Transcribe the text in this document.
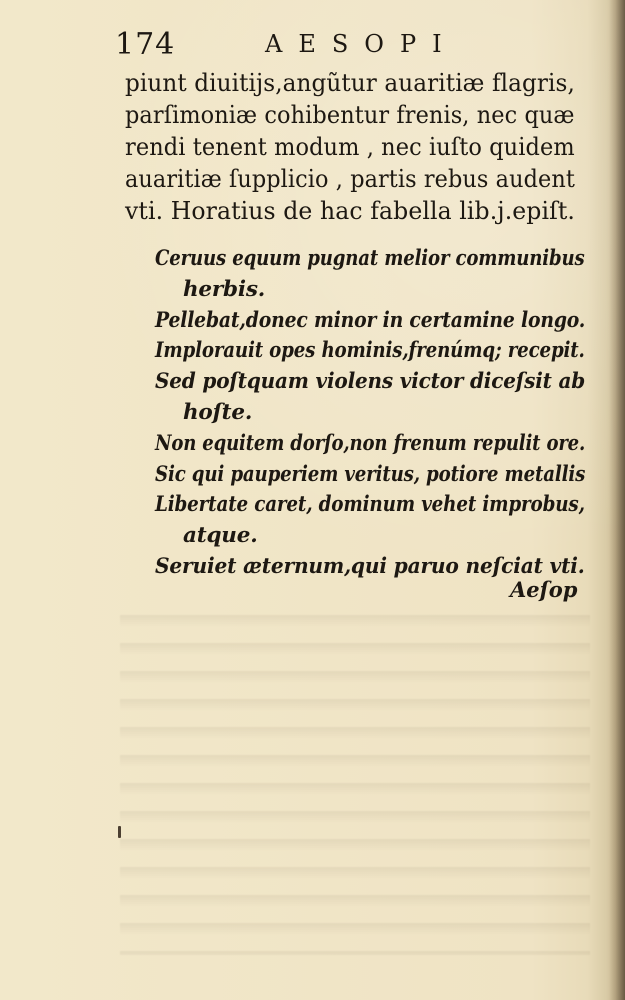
174	AESOPI
piunt diuitijs,angũtur auaritiæ flagris,
parſimoniæ cohibentur frenis, nec quæ
rendi tenent modum , nec iuſto quidem
auaritiæ ſupplicio , partis rebus audent
vti. Horatius de hac fabella lib.j.epiſt.
Ceruus equum pugnat melior communibus
herbis.
Pellebat,donec minor in certamine longo.
Implorauit opes hominis,frenúmq; recepit.
Sed poſtquam violens victor diceſsit ab
hoſte.
Non equitem dorſo,non frenum repulit ore.
Sic qui pauperiem veritus, potiore metallis
Libertate caret, dominum vehet improbus,
atque.
Seruiet æternum,qui paruo neſciat vti.
Aeſop
